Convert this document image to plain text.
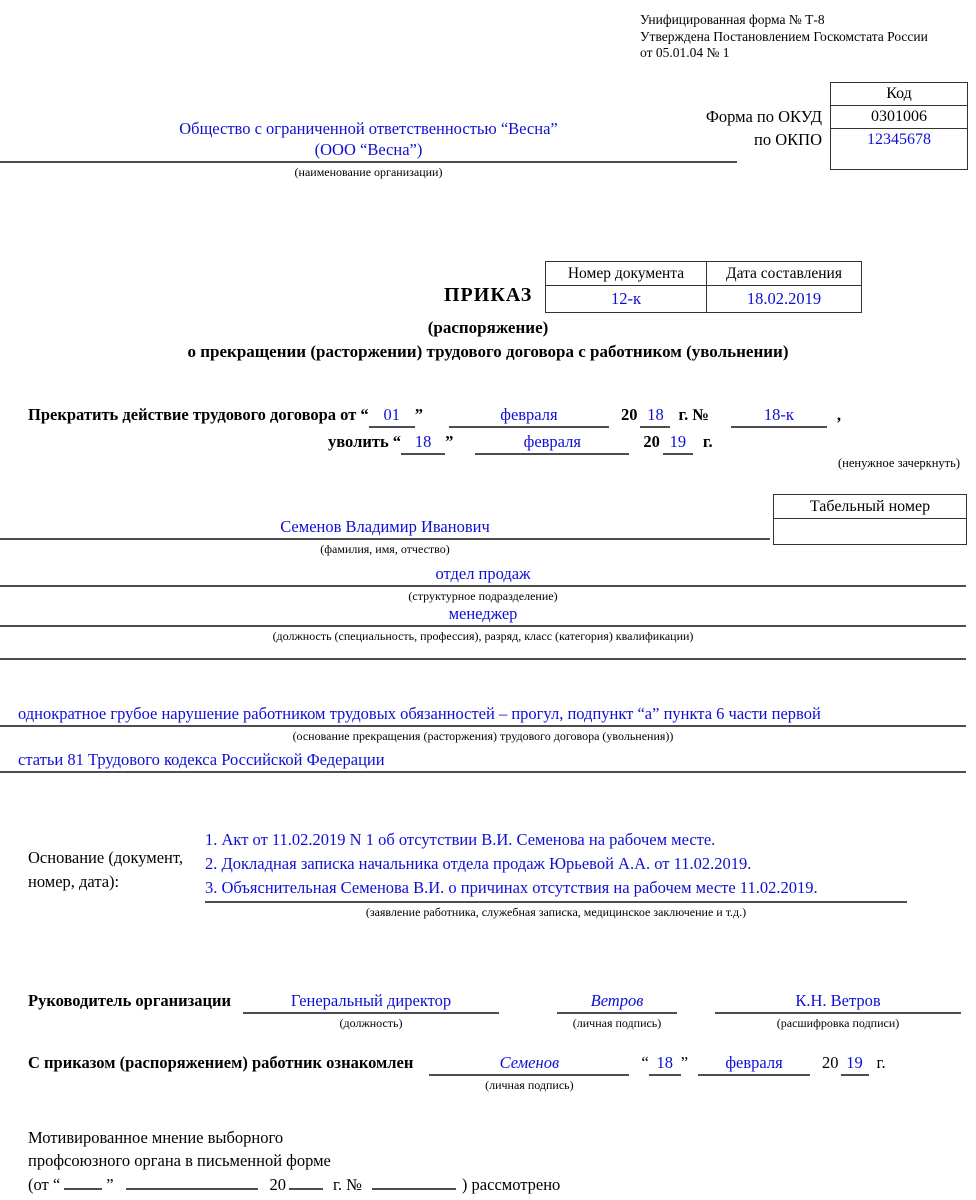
Унифицированная форма № Т-8
Утверждена Постановлением Госкомстата России
от 05.01.04 № 1
Форма по ОКУД
по ОКПО
Код
0301006
12345678
Общество с ограниченной ответственностью “Весна”
(ООО “Весна”)
(наименование организации)
Номер документа	Дата составления
12-к	18.02.2019
ПРИКАЗ
(распоряжение)
о прекращении (расторжении) трудового договора с работником (увольнении)
Прекратить действие трудового договора от “ 01 ”	февраля	20 18 г. №	18-к	,
уволить “ 18 ”	февраля	20 19	г.
(ненужное зачеркнуть)
Табельный номер
Семенов Владимир Иванович
(фамилия, имя, отчество)
отдел продаж
(структурное подразделение)
менеджер
(должность (специальность, профессия), разряд, класс (категория) квалификации)
однократное грубое нарушение работником трудовых обязанностей – прогул, подпункт “а” пункта 6 части первой
(основание прекращения (расторжения) трудового договора (увольнения))
статьи 81 Трудового кодекса Российской Федерации
Основание (документ,
номер, дата):
1. Акт от 11.02.2019 N 1 об отсутствии В.И. Семенова на рабочем месте.
2. Докладная записка начальника отдела продаж Юрьевой А.А. от 11.02.2019.
3. Объяснительная Семенова В.И. о причинах отсутствия на рабочем месте 11.02.2019.
(заявление работника, служебная записка, медицинское заключение и т.д.)
Руководитель организации	Генеральный директор
(должность)
Ветров
(личная подпись)
К.Н. Ветров
(расшифровка подписи)
С приказом (распоряжением) работник ознакомлен	Семенов
(личная подпись)
“ 18 ”	февраля	20 19 г.
Мотивированное мнение выборного
профсоюзного органа в письменной форме
(от “	”	20	г. №	) рассмотрено
